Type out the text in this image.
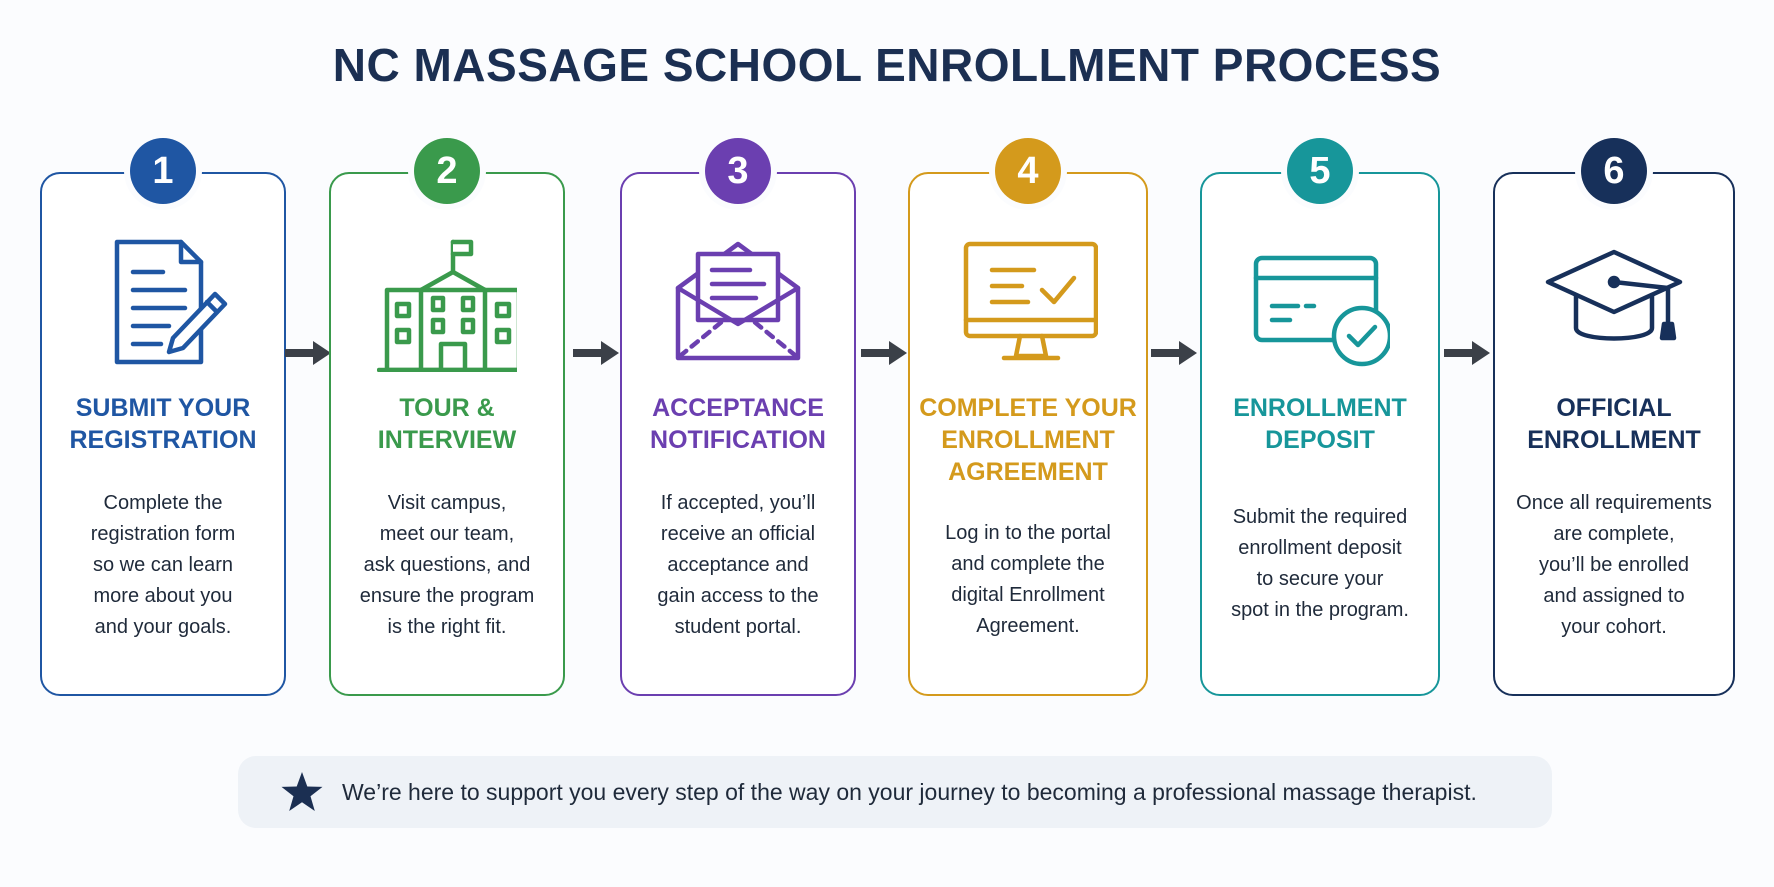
NC MASSAGE SCHOOL ENROLLMENT PROCESS
1
SUBMIT YOUR
REGISTRATION
Complete the
registration form
so we can learn
more about you
and your goals.
2
TOUR &
INTERVIEW
Visit campus,
meet our team,
ask questions, and
ensure the program
is the right fit.
3
ACCEPTANCE
NOTIFICATION
If accepted, you’ll
receive an official
acceptance and
gain access to the
student portal.
4
COMPLETE YOUR
ENROLLMENT
AGREEMENT
Log in to the portal
and complete the
digital Enrollment
Agreement.
5
ENROLLMENT
DEPOSIT
Submit the required
enrollment deposit
to secure your
spot in the program.
6
OFFICIAL
ENROLLMENT
Once all requirements
are complete,
you’ll be enrolled
and assigned to
your cohort.
We’re here to support you every step of the way on your journey to becoming a professional massage therapist.
